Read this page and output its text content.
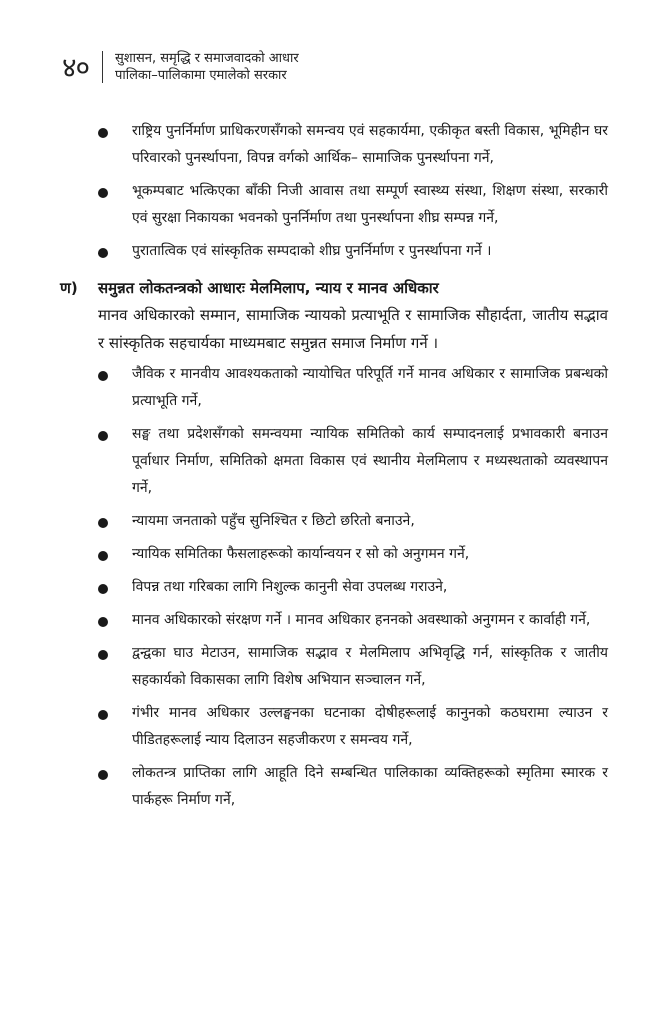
४०	सुशासन, समृद्धि र समाजवादको आधार
पालिका–पालिकामा एमालेको सरकार
राष्ट्रिय पुनर्निर्माण प्राधिकरणसँगको समन्वय एवं सहकार्यमा, एकीकृत बस्ती विकास, भूमिहीन घर परिवारको पुनर्स्थापना, विपन्न वर्गको आर्थिक– सामाजिक पुनर्स्थापना गर्ने,
भूकम्पबाट भत्किएका बाँकी निजी आवास तथा सम्पूर्ण स्वास्थ्य संस्था, शिक्षण संस्था, सरकारी एवं सुरक्षा निकायका भवनको पुनर्निर्माण तथा पुनर्स्थापना शीघ्र सम्पन्न गर्ने,
पुरातात्विक एवं सांस्कृतिक सम्पदाको शीघ्र पुनर्निर्माण र पुनर्स्थापना गर्ने ।
ण)	समुन्नत लोकतन्त्रको आधारः मेलमिलाप, न्याय र मानव अधिकार
मानव अधिकारको सम्मान, सामाजिक न्यायको प्रत्याभूति र सामाजिक सौहार्दता, जातीय सद्भाव र सांस्कृतिक सहचार्यका माध्यमबाट समुन्नत समाज निर्माण गर्ने ।
जैविक र मानवीय आवश्यकताको न्यायोचित परिपूर्ति गर्ने मानव अधिकार र सामाजिक प्रबन्धको प्रत्याभूति गर्ने,
सङ्घ तथा प्रदेशसँगको समन्वयमा न्यायिक समितिको कार्य सम्पादनलाई प्रभावकारी बनाउन पूर्वाधार निर्माण, समितिको क्षमता विकास एवं स्थानीय मेलमिलाप र मध्यस्थताको व्यवस्थापन गर्ने,
न्यायमा जनताको पहुँच सुनिश्चित र छिटो छरितो बनाउने,
न्यायिक समितिका फैसलाहरूको कार्यान्वयन र सो को अनुगमन गर्ने,
विपन्न तथा गरिबका लागि निशुल्क कानुनी सेवा उपलब्ध गराउने,
मानव अधिकारको संरक्षण गर्ने । मानव अधिकार हननको अवस्थाको अनुगमन र कार्वाही गर्ने,
द्वन्द्वका घाउ मेटाउन, सामाजिक सद्भाव र मेलमिलाप अभिवृद्धि गर्न, सांस्कृतिक र जातीय सहकार्यको विकासका लागि विशेष अभियान सञ्चालन गर्ने,
गंभीर मानव अधिकार उल्लङ्घनका घटनाका दोषीहरूलाई कानुनको कठघरामा ल्याउन र पीडितहरूलाई न्याय दिलाउन सहजीकरण र समन्वय गर्ने,
लोकतन्त्र प्राप्तिका लागि आहूति दिने सम्बन्धित पालिकाका व्यक्तिहरूको स्मृतिमा स्मारक र पार्कहरू निर्माण गर्ने,
